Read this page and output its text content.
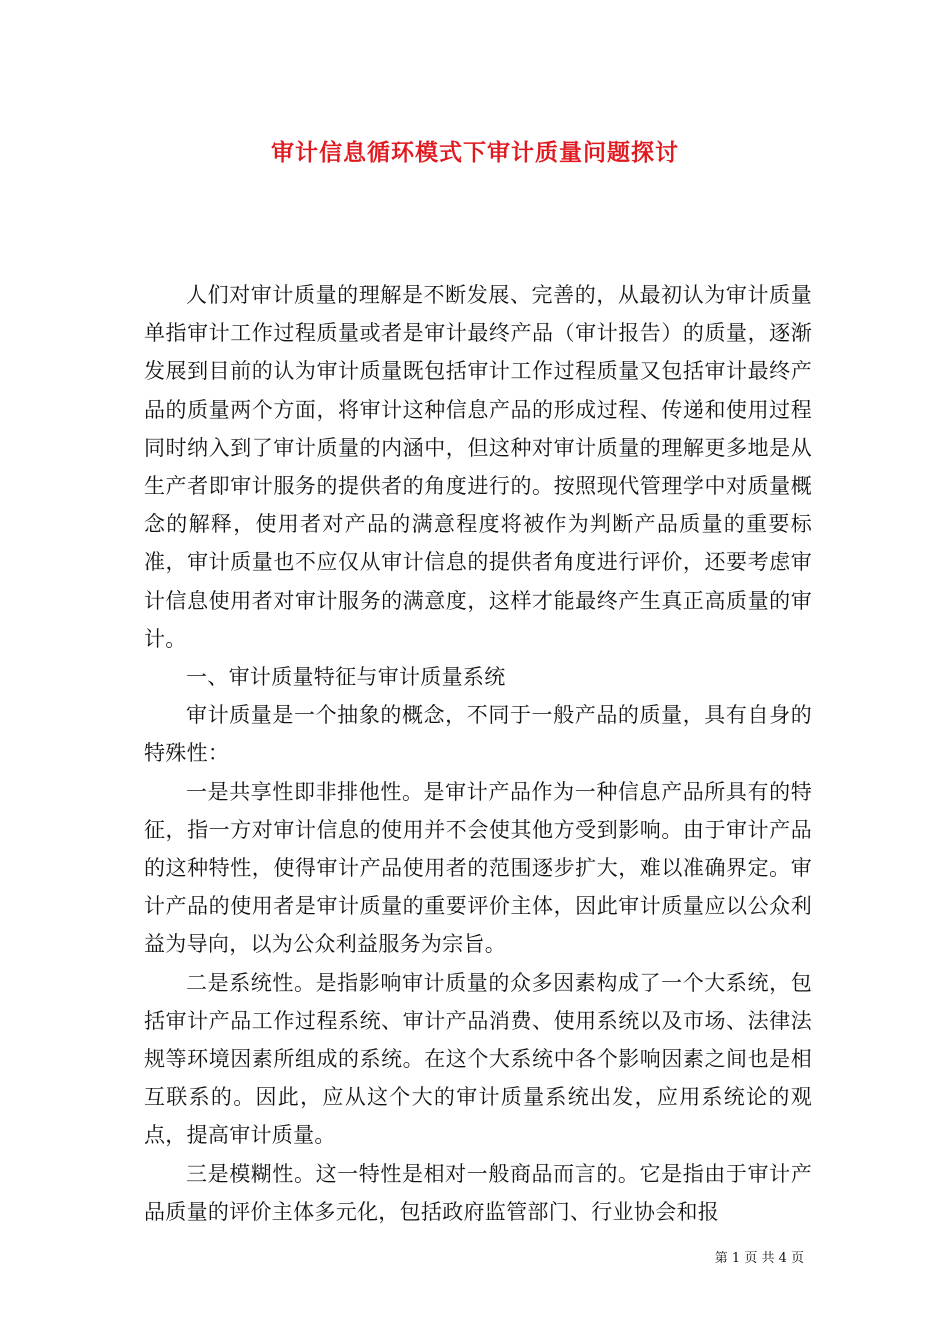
审计信息循环模式下审计质量问题探讨

人们对审计质量的理解是不断发展、完善的，从最初认为审计质量单指审计工作过程质量或者是审计最终产品（审计报告）的质量，逐渐发展到目前的认为审计质量既包括审计工作过程质量又包括审计最终产品的质量两个方面，将审计这种信息产品的形成过程、传递和使用过程同时纳入到了审计质量的内涵中，但这种对审计质量的理解更多地是从生产者即审计服务的提供者的角度进行的。按照现代管理学中对质量概念的解释，使用者对产品的满意程度将被作为判断产品质量的重要标准，审计质量也不应仅从审计信息的提供者角度进行评价，还要考虑审计信息使用者对审计服务的满意度，这样才能最终产生真正高质量的审计。

一、审计质量特征与审计质量系统

审计质量是一个抽象的概念，不同于一般产品的质量，具有自身的特殊性：

一是共享性即非排他性。是审计产品作为一种信息产品所具有的特征，指一方对审计信息的使用并不会使其他方受到影响。由于审计产品的这种特性，使得审计产品使用者的范围逐步扩大，难以准确界定。审计产品的使用者是审计质量的重要评价主体，因此审计质量应以公众利益为导向，以为公众利益服务为宗旨。

二是系统性。是指影响审计质量的众多因素构成了一个大系统，包括审计产品工作过程系统、审计产品消费、使用系统以及市场、法律法规等环境因素所组成的系统。在这个大系统中各个影响因素之间也是相互联系的。因此，应从这个大的审计质量系统出发，应用系统论的观点，提高审计质量。

三是模糊性。这一特性是相对一般商品而言的。它是指由于审计产品质量的评价主体多元化，包括政府监管部门、行业协会和报

第 1 页 共 4 页
